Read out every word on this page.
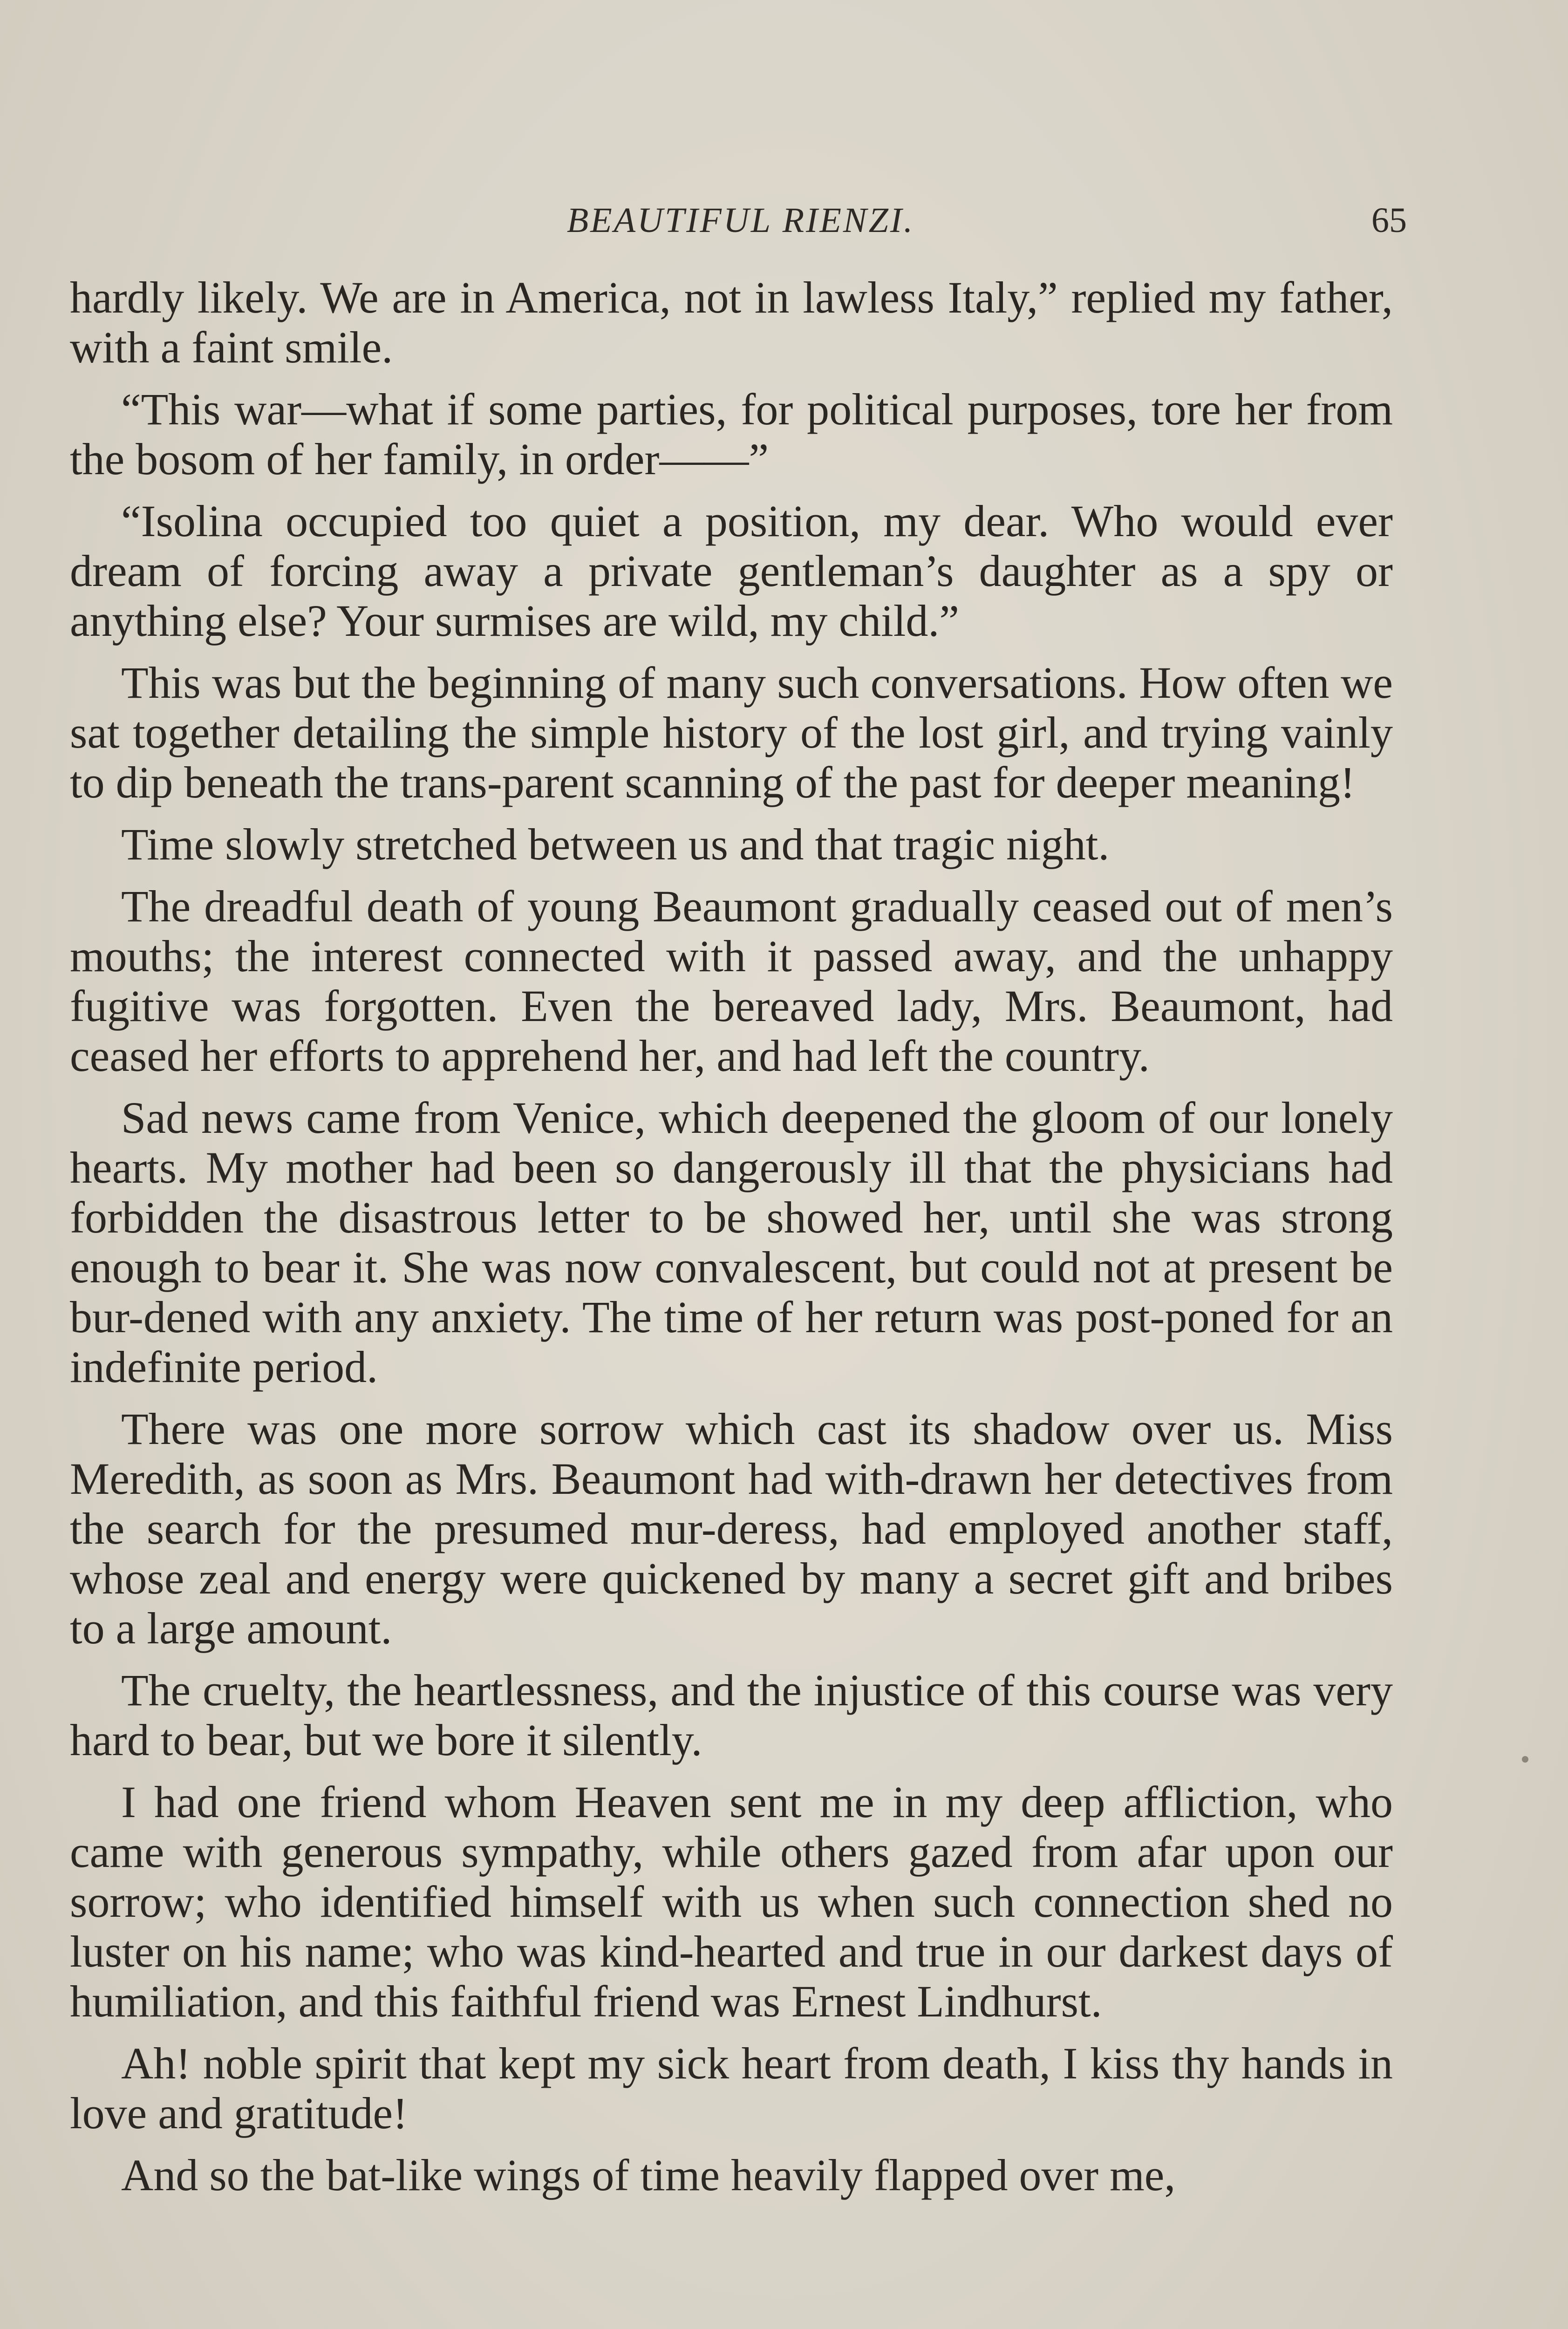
BEAUTIFUL RIENZI.	65

hardly likely. We are in America, not in lawless Italy,” replied my father, with a faint smile.

“This war—what if some parties, for political purposes, tore her from the bosom of her family, in order——”

“Isolina occupied too quiet a position, my dear. Who would ever dream of forcing away a private gentleman’s daughter as a spy or anything else? Your surmises are wild, my child.”

This was but the beginning of many such conversations. How often we sat together detailing the simple history of the lost girl, and trying vainly to dip beneath the trans-parent scanning of the past for deeper meaning!

Time slowly stretched between us and that tragic night.

The dreadful death of young Beaumont gradually ceased out of men’s mouths; the interest connected with it passed away, and the unhappy fugitive was forgotten. Even the bereaved lady, Mrs. Beaumont, had ceased her efforts to apprehend her, and had left the country.

Sad news came from Venice, which deepened the gloom of our lonely hearts. My mother had been so dangerously ill that the physicians had forbidden the disastrous letter to be showed her, until she was strong enough to bear it. She was now convalescent, but could not at present be bur-dened with any anxiety. The time of her return was post-poned for an indefinite period.

There was one more sorrow which cast its shadow over us. Miss Meredith, as soon as Mrs. Beaumont had with-drawn her detectives from the search for the presumed mur-deress, had employed another staff, whose zeal and energy were quickened by many a secret gift and bribes to a large amount.

The cruelty, the heartlessness, and the injustice of this course was very hard to bear, but we bore it silently.

I had one friend whom Heaven sent me in my deep affliction, who came with generous sympathy, while others gazed from afar upon our sorrow; who identified himself with us when such connection shed no luster on his name; who was kind-hearted and true in our darkest days of humiliation, and this faithful friend was Ernest Lindhurst.

Ah! noble spirit that kept my sick heart from death, I kiss thy hands in love and gratitude!

And so the bat-like wings of time heavily flapped over me,
